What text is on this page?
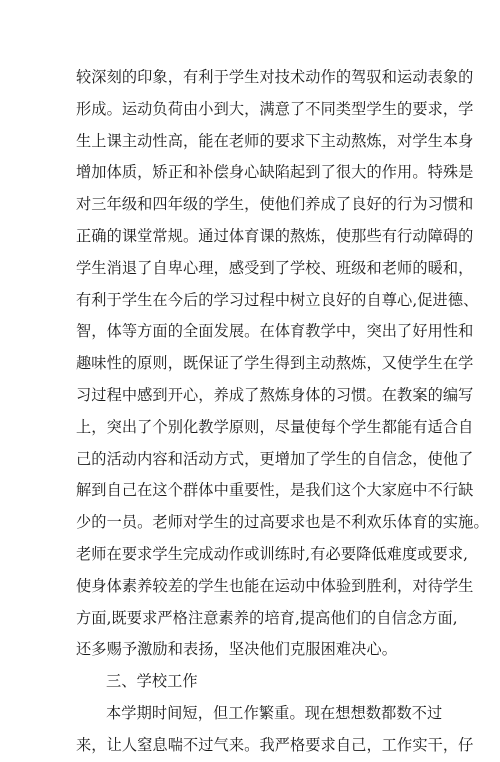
较深刻的印象，有利于学生对技术动作的驾驭和运动表象的
形成。运动负荷由小到大，满意了不同类型学生的要求，学
生上课主动性高，能在老师的要求下主动熬炼，对学生本身
增加体质，矫正和补偿身心缺陷起到了很大的作用。特殊是
对三年级和四年级的学生，使他们养成了良好的行为习惯和
正确的课堂常规。通过体育课的熬炼，使那些有行动障碍的
学生消退了自卑心理，感受到了学校、班级和老师的暖和，
有利于学生在今后的学习过程中树立良好的自尊心,促进德、
智，体等方面的全面发展。在体育教学中，突出了好用性和
趣味性的原则，既保证了学生得到主动熬炼，又使学生在学
习过程中感到开心，养成了熬炼身体的习惯。在教案的编写
上，突出了个别化教学原则，尽量使每个学生都能有适合自
己的活动内容和活动方式，更增加了学生的自信念，使他了
解到自己在这个群体中重要性，是我们这个大家庭中不行缺
少的一员。老师对学生的过高要求也是不利欢乐体育的实施。
老师在要求学生完成动作或训练时,有必要降低难度或要求,
使身体素养较差的学生也能在运动中体验到胜利，对待学生
方面,既要求严格注意素养的培育,提高他们的自信念方面,
还多赐予激励和表扬，坚决他们克服困难决心。
三、学校工作
本学期时间短，但工作繁重。现在想想数都数不过
来，让人窒息喘不过气来。我严格要求自己，工作实干，仔
